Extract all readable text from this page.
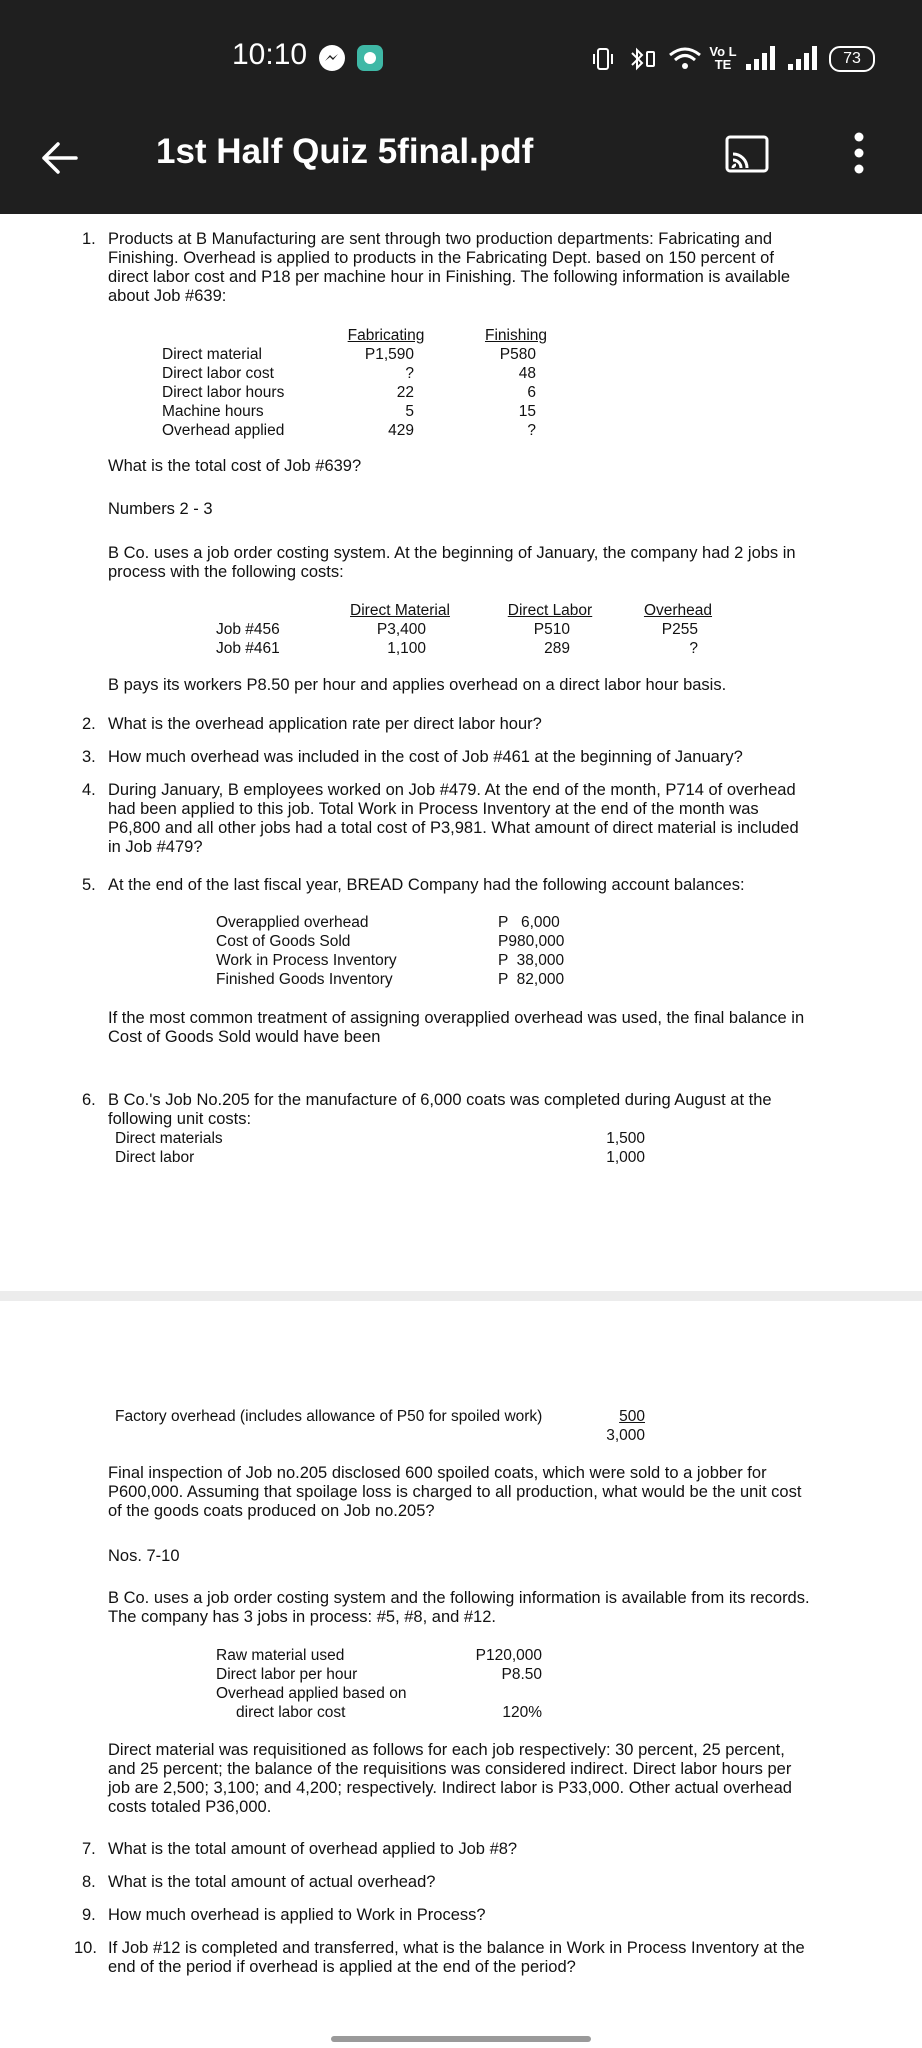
10:10	Vo LTE	73
1st Half Quiz 5final.pdf
1. Products at B Manufacturing are sent through two production departments: Fabricating and
Finishing. Overhead is applied to products in the Fabricating Dept. based on 150 percent of
direct labor cost and P18 per machine hour in Finishing. The following information is available
about Job #639:
Fabricating	Finishing
Direct material	P1,590	P580
Direct labor cost	?	48
Direct labor hours	22	6
Machine hours	5	15
Overhead applied	429	?
What is the total cost of Job #639?
Numbers 2 - 3
B Co. uses a job order costing system. At the beginning of January, the company had 2 jobs in
process with the following costs:
Direct Material	Direct Labor	Overhead
Job #456	P3,400	P510	P255
Job #461	1,100	289	?
B pays its workers P8.50 per hour and applies overhead on a direct labor hour basis.
2. What is the overhead application rate per direct labor hour?
3. How much overhead was included in the cost of Job #461 at the beginning of January?
4. During January, B employees worked on Job #479. At the end of the month, P714 of overhead
had been applied to this job. Total Work in Process Inventory at the end of the month was
P6,800 and all other jobs had a total cost of P3,981. What amount of direct material is included
in Job #479?
5. At the end of the last fiscal year, BREAD Company had the following account balances:
Overapplied overhead	P   6,000
Cost of Goods Sold	P980,000
Work in Process Inventory	P  38,000
Finished Goods Inventory	P  82,000
If the most common treatment of assigning overapplied overhead was used, the final balance in
Cost of Goods Sold would have been
6. B Co.'s Job No.205 for the manufacture of 6,000 coats was completed during August at the
following unit costs:
Direct materials	1,500
Direct labor	1,000
Factory overhead (includes allowance of P50 for spoiled work)	500
3,000
Final inspection of Job no.205 disclosed 600 spoiled coats, which were sold to a jobber for
P600,000. Assuming that spoilage loss is charged to all production, what would be the unit cost
of the goods coats produced on Job no.205?
Nos. 7-10
B Co. uses a job order costing system and the following information is available from its records.
The company has 3 jobs in process: #5, #8, and #12.
Raw material used	P120,000
Direct labor per hour	P8.50
Overhead applied based on
direct labor cost	120%
Direct material was requisitioned as follows for each job respectively: 30 percent, 25 percent,
and 25 percent; the balance of the requisitions was considered indirect. Direct labor hours per
job are 2,500; 3,100; and 4,200; respectively. Indirect labor is P33,000. Other actual overhead
costs totaled P36,000.
7. What is the total amount of overhead applied to Job #8?
8. What is the total amount of actual overhead?
9. How much overhead is applied to Work in Process?
10. If Job #12 is completed and transferred, what is the balance in Work in Process Inventory at the
end of the period if overhead is applied at the end of the period?
